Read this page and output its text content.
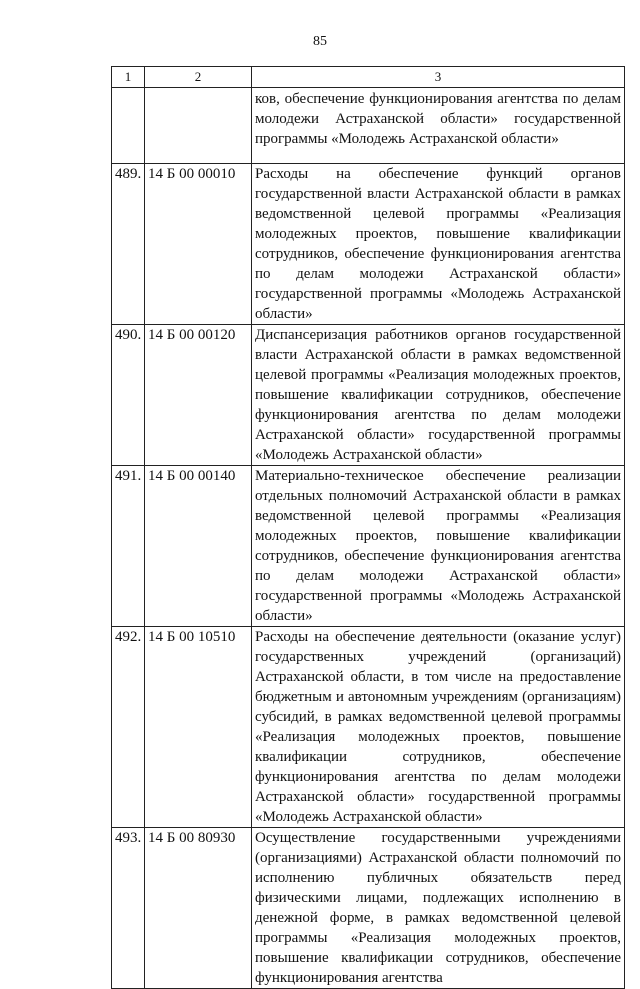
85
1	2	3
		ков, обеспечение функционирования агентства по делам молодежи Астраханской области» государственной программы «Молодежь Астраханской области»
489.	14 Б 00 00010	Расходы на обеспечение функций органов государственной власти Астраханской области в рамках ведомственной целевой программы «Реализация молодежных проектов, повышение квалификации сотрудников, обеспечение функционирования агентства по делам молодежи Астраханской области» государственной программы «Молодежь Астраханской области»
490.	14 Б 00 00120	Диспансеризация работников органов государственной власти Астраханской области в рамках ведомственной целевой программы «Реализация молодежных проектов, повышение квалификации сотрудников, обеспечение функционирования агентства по делам молодежи Астраханской области» государственной программы «Молодежь Астраханской области»
491.	14 Б 00 00140	Материально-техническое обеспечение реализации отдельных полномочий Астраханской области в рамках ведомственной целевой программы «Реализация молодежных проектов, повышение квалификации сотрудников, обеспечение функционирования агентства по делам молодежи Астраханской области» государственной программы «Молодежь Астраханской области»
492.	14 Б 00 10510	Расходы на обеспечение деятельности (оказание услуг) государственных учреждений (организаций) Астраханской области, в том числе на предоставление бюджетным и автономным учреждениям (организациям) субсидий, в рамках ведомственной целевой программы «Реализация молодежных проектов, повышение квалификации сотрудников, обеспечение функционирования агентства по делам молодежи Астраханской области» государственной программы «Молодежь Астраханской области»
493.	14 Б 00 80930	Осуществление государственными учреждениями (организациями) Астраханской области полномочий по исполнению публичных обязательств перед физическими лицами, подлежащих исполнению в денежной форме, в рамках ведомственной целевой программы «Реализация молодежных проектов, повышение квалификации сотрудников, обеспечение функционирования агентства
